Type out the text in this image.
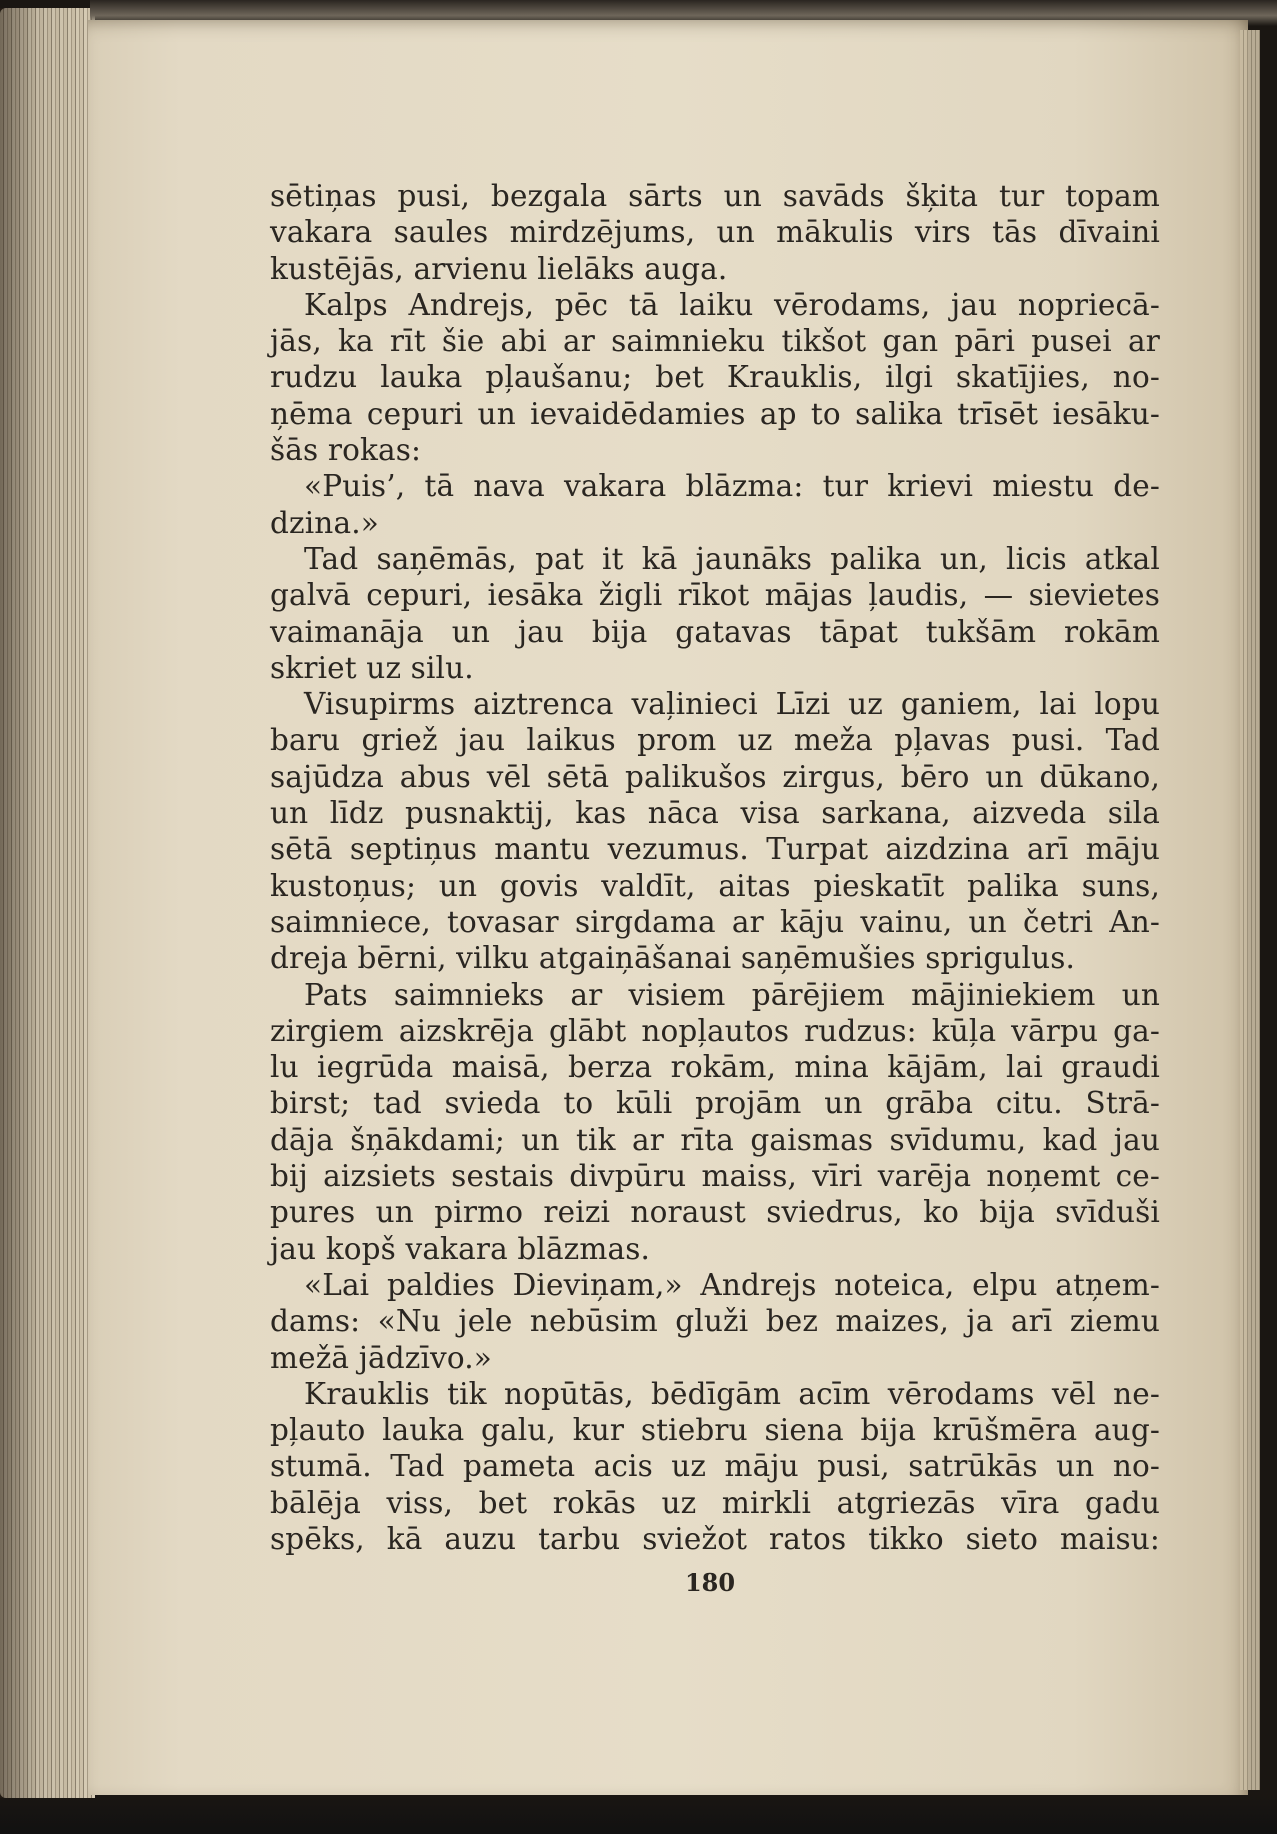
sētiņas pusi, bezgala sārts un savāds šķita tur topam
vakara saules mirdzējums, un mākulis virs tās dīvaini
kustējās, arvienu lielāks auga.
Kalps Andrejs, pēc tā laiku vērodams, jau nopriecā-
jās, ka rīt šie abi ar saimnieku tikšot gan pāri pusei ar
rudzu lauka pļaušanu; bet Krauklis, ilgi skatījies, no-
ņēma cepuri un ievaidēdamies ap to salika trīsēt iesāku-
šās rokas:
«Puis’, tā nava vakara blāzma: tur krievi miestu de-
dzina.»
Tad saņēmās, pat it kā jaunāks palika un, licis atkal
galvā cepuri, iesāka žigli rīkot mājas ļaudis, — sievietes
vaimanāja un jau bija gatavas tāpat tukšām rokām
skriet uz silu.
Visupirms aiztrenca vaļinieci Līzi uz ganiem, lai lopu
baru griež jau laikus prom uz meža pļavas pusi. Tad
sajūdza abus vēl sētā palikušos zirgus, bēro un dūkano,
un līdz pusnaktij, kas nāca visa sarkana, aizveda sila
sētā septiņus mantu vezumus. Turpat aizdzina arī māju
kustoņus; un govis valdīt, aitas pieskatīt palika suns,
saimniece, tovasar sirgdama ar kāju vainu, un četri An-
dreja bērni, vilku atgaiņāšanai saņēmušies sprigulus.
Pats saimnieks ar visiem pārējiem mājiniekiem un
zirgiem aizskrēja glābt nopļautos rudzus: kūļa vārpu ga-
lu iegrūda maisā, berza rokām, mina kājām, lai graudi
birst; tad svieda to kūli projām un grāba citu. Strā-
dāja šņākdami; un tik ar rīta gaismas svīdumu, kad jau
bij aizsiets sestais divpūru maiss, vīri varēja noņemt ce-
pures un pirmo reizi noraust sviedrus, ko bija svīduši
jau kopš vakara blāzmas.
«Lai paldies Dieviņam,» Andrejs noteica, elpu atņem-
dams: «Nu jele nebūsim gluži bez maizes, ja arī ziemu
mežā jādzīvo.»
Krauklis tik nopūtās, bēdīgām acīm vērodams vēl ne-
pļauto lauka galu, kur stiebru siena bija krūšmēra aug-
stumā. Tad pameta acis uz māju pusi, satrūkās un no-
bālēja viss, bet rokās uz mirkli atgriezās vīra gadu
spēks, kā auzu tarbu sviežot ratos tikko sieto maisu:
180
